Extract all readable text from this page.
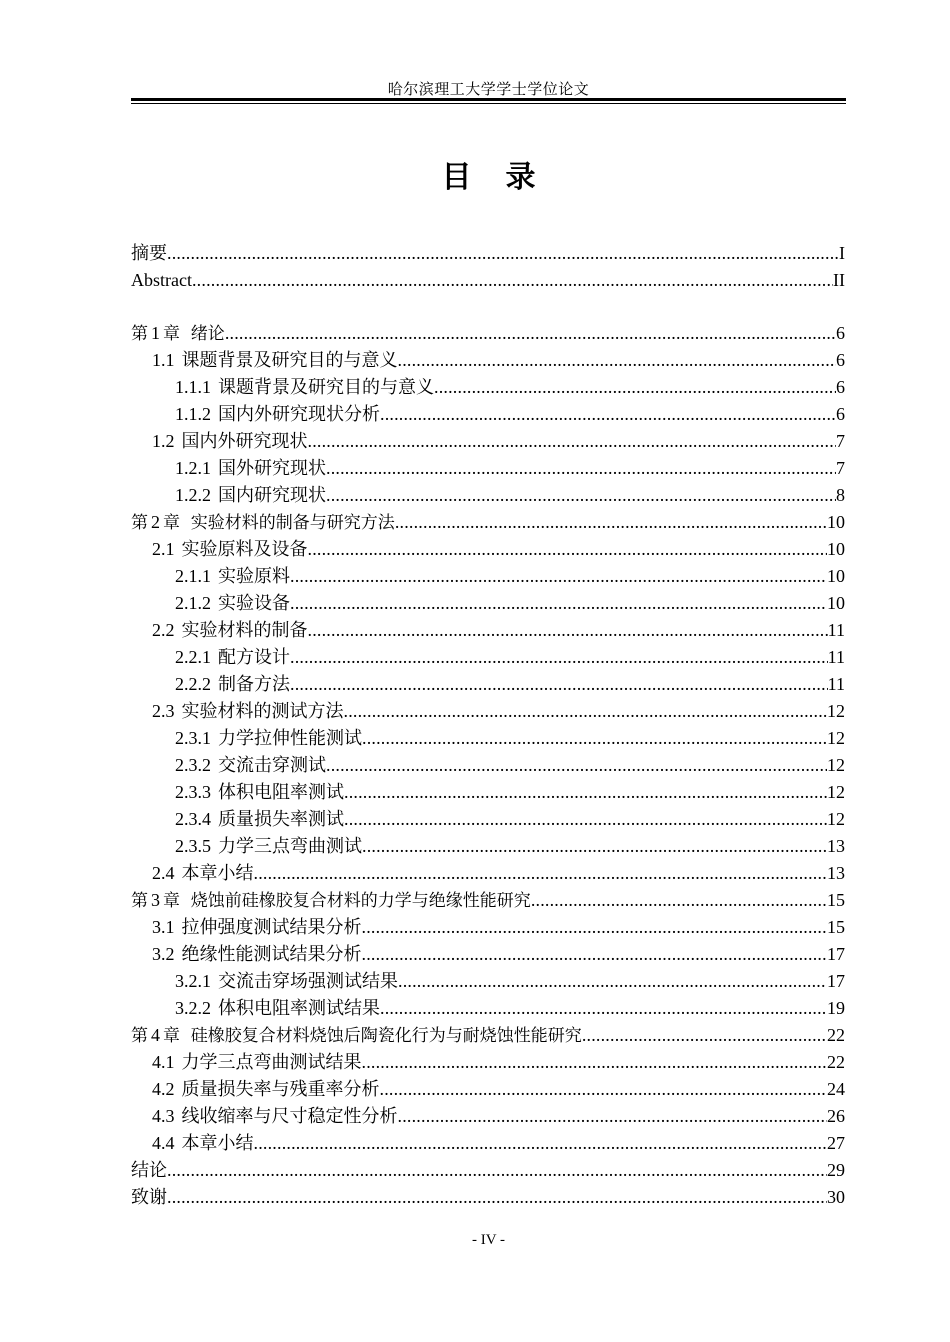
哈尔滨理工大学学士学位论文
目 录
摘要 .....	I
Abstract .....	II
第 1 章  绪论 .....	6
1.1 课题背景及研究目的与意义 .....	6
1.1.1 课题背景及研究目的与意义 .....	6
1.1.2 国内外研究现状分析 .....	6
1.2 国内外研究现状 .....	7
1.2.1 国外研究现状 .....	7
1.2.2 国内研究现状 .....	8
第 2 章  实验材料的制备与研究方法 .....	10
2.1 实验原料及设备 .....	10
2.1.1 实验原料 .....	10
2.1.2 实验设备 .....	10
2.2 实验材料的制备 .....	11
2.2.1 配方设计 .....	11
2.2.2 制备方法 .....	11
2.3 实验材料的测试方法 .....	12
2.3.1 力学拉伸性能测试 .....	12
2.3.2 交流击穿测试 .....	12
2.3.3 体积电阻率测试 .....	12
2.3.4 质量损失率测试 .....	12
2.3.5 力学三点弯曲测试 .....	13
2.4 本章小结 .....	13
第 3 章  烧蚀前硅橡胶复合材料的力学与绝缘性能研究 .....	15
3.1 拉伸强度测试结果分析 .....	15
3.2 绝缘性能测试结果分析 .....	17
3.2.1 交流击穿场强测试结果 .....	17
3.2.2 体积电阻率测试结果 .....	19
第 4 章  硅橡胶复合材料烧蚀后陶瓷化行为与耐烧蚀性能研究 .....	22
4.1 力学三点弯曲测试结果 .....	22
4.2 质量损失率与残重率分析 .....	24
4.3 线收缩率与尺寸稳定性分析 .....	26
4.4 本章小结 .....	27
结论 .....	29
致谢 .....	30
- IV -
